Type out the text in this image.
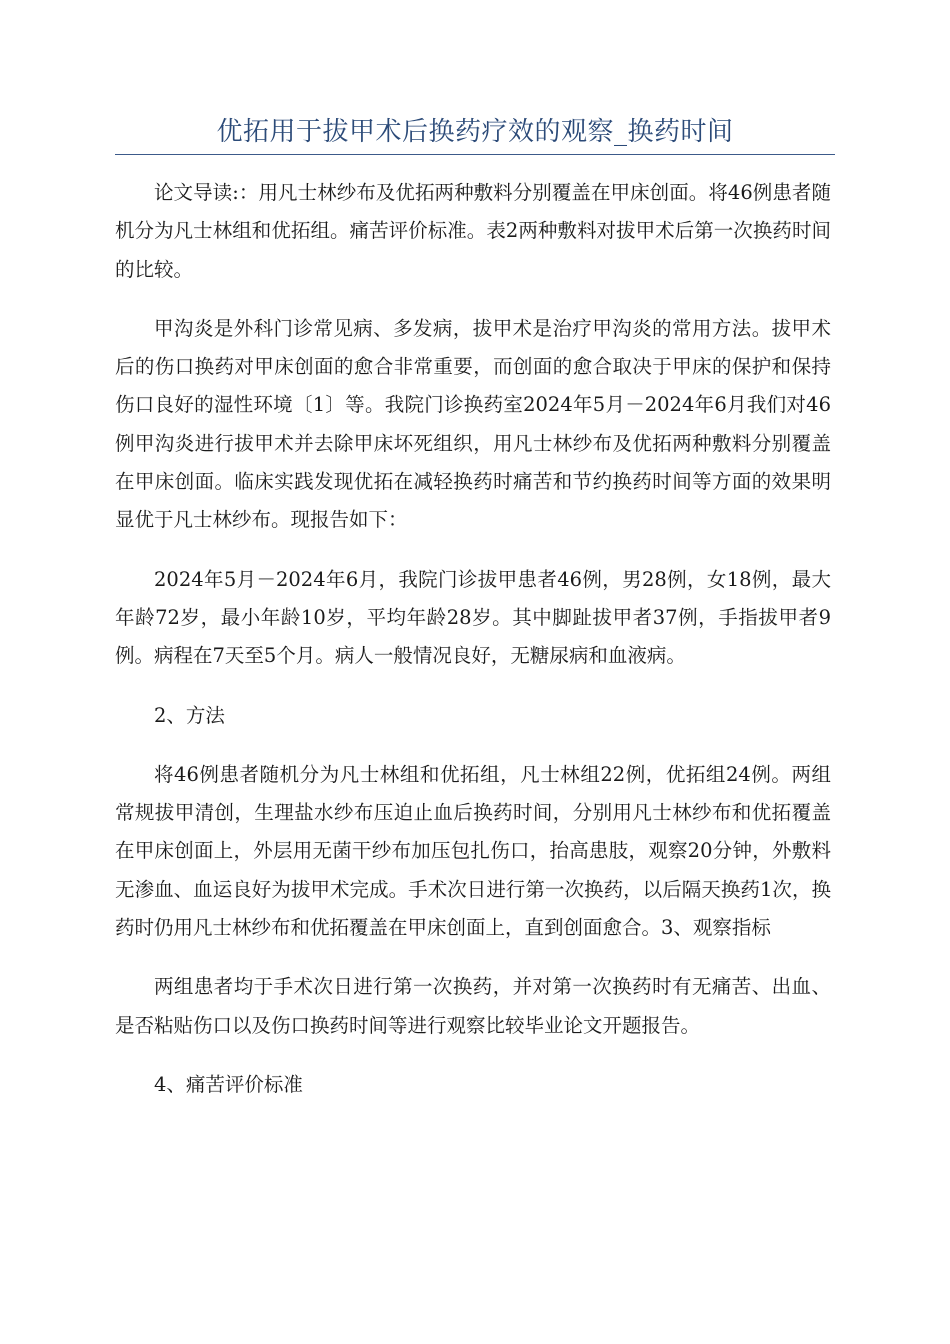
优拓用于拔甲术后换药疗效的观察_换药时间

论文导读:：用凡士林纱布及优拓两种敷料分别覆盖在甲床创面。将46例患者随机分为凡士林组和优拓组。痛苦评价标准。表2两种敷料对拔甲术后第一次换药时间的比较。

甲沟炎是外科门诊常见病、多发病，拔甲术是治疗甲沟炎的常用方法。拔甲术后的伤口换药对甲床创面的愈合非常重要，而创面的愈合取决于甲床的保护和保持伤口良好的湿性环境〔1〕等。我院门诊换药室2024年5月－2024年6月我们对46例甲沟炎进行拔甲术并去除甲床坏死组织，用凡士林纱布及优拓两种敷料分别覆盖在甲床创面。临床实践发现优拓在减轻换药时痛苦和节约换药时间等方面的效果明显优于凡士林纱布。现报告如下：

2024年5月－2024年6月，我院门诊拔甲患者46例，男28例，女18例，最大年龄72岁，最小年龄10岁，平均年龄28岁。其中脚趾拔甲者37例，手指拔甲者9例。病程在7天至5个月。病人一般情况良好，无糖尿病和血液病。

2、方法

将46例患者随机分为凡士林组和优拓组，凡士林组22例，优拓组24例。两组常规拔甲清创，生理盐水纱布压迫止血后换药时间，分别用凡士林纱布和优拓覆盖在甲床创面上，外层用无菌干纱布加压包扎伤口，抬高患肢，观察20分钟，外敷料无渗血、血运良好为拔甲术完成。手术次日进行第一次换药，以后隔天换药1次，换药时仍用凡士林纱布和优拓覆盖在甲床创面上，直到创面愈合。3、观察指标

两组患者均于手术次日进行第一次换药，并对第一次换药时有无痛苦、出血、是否粘贴伤口以及伤口换药时间等进行观察比较毕业论文开题报告。

4、痛苦评价标准
